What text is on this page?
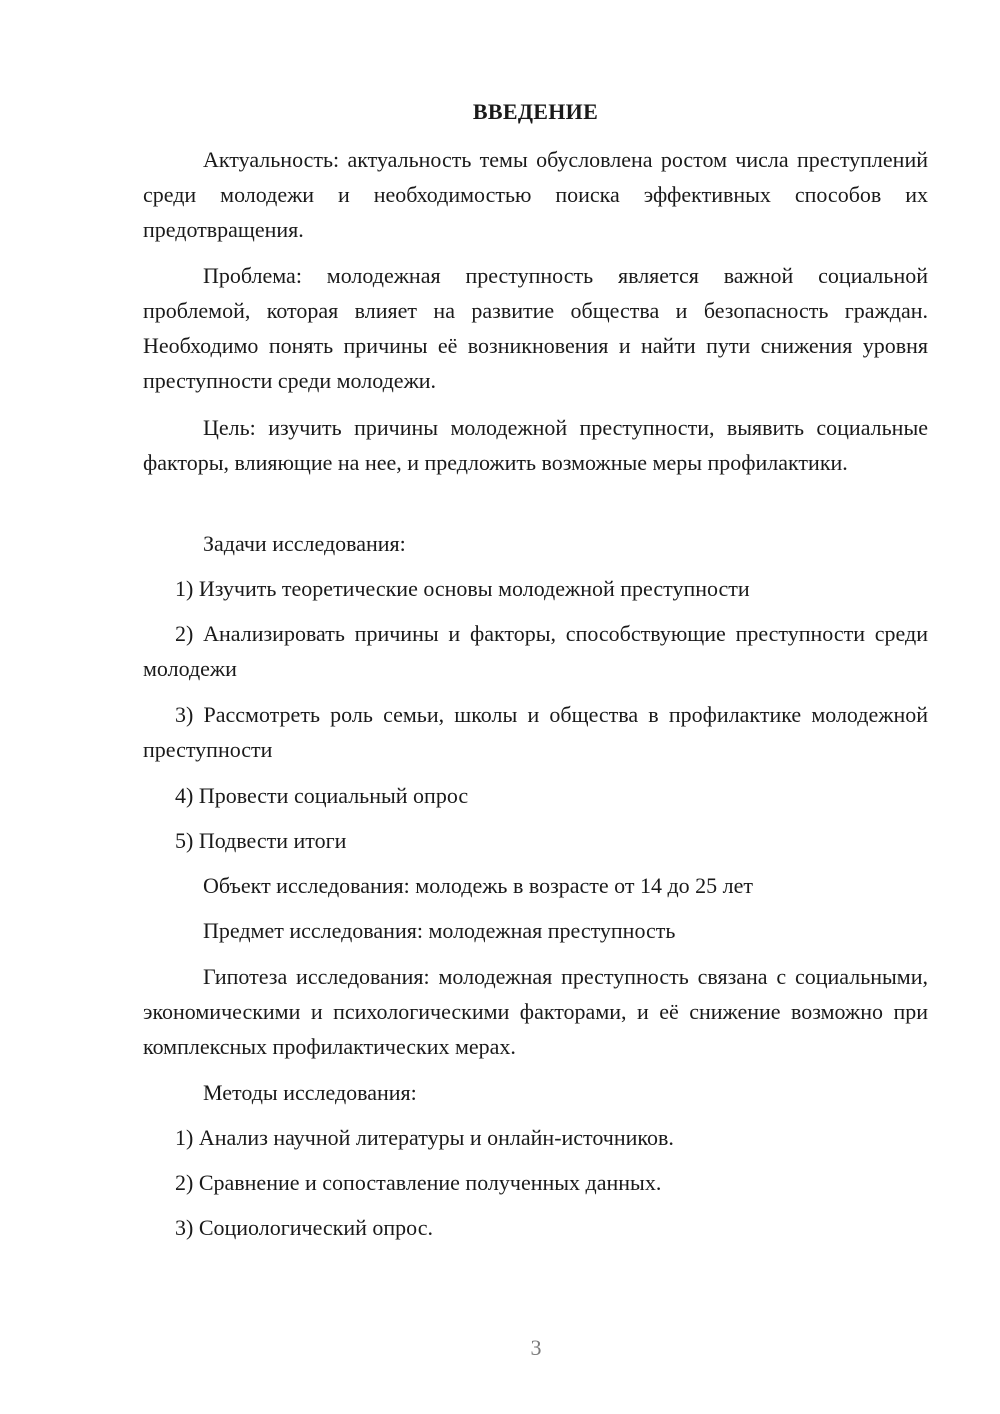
ВВЕДЕНИЕ

Актуальность: актуальность темы обусловлена ростом числа преступлений среди молодежи и необходимостью поиска эффективных способов их предотвращения.

Проблема: молодежная преступность является важной социальной проблемой, которая влияет на развитие общества и безопасность граждан. Необходимо понять причины её возникновения и найти пути снижения уровня преступности среди молодежи.

Цель: изучить причины молодежной преступности, выявить социальные факторы, влияющие на нее, и предложить возможные меры профилактики.

Задачи исследования:

1) Изучить теоретические основы молодежной преступности

2) Анализировать причины и факторы, способствующие преступности среди молодежи

3) Рассмотреть роль семьи, школы и общества в профилактике молодежной преступности

4) Провести социальный опрос

5) Подвести итоги

Объект исследования: молодежь в возрасте от 14 до 25 лет

Предмет исследования: молодежная преступность

Гипотеза исследования: молодежная преступность связана с социальными, экономическими и психологическими факторами, и её снижение возможно при комплексных профилактических мерах.

Методы исследования:

1) Анализ научной литературы и онлайн-источников.

2) Сравнение и сопоставление полученных данных.

3) Социологический опрос.

3
